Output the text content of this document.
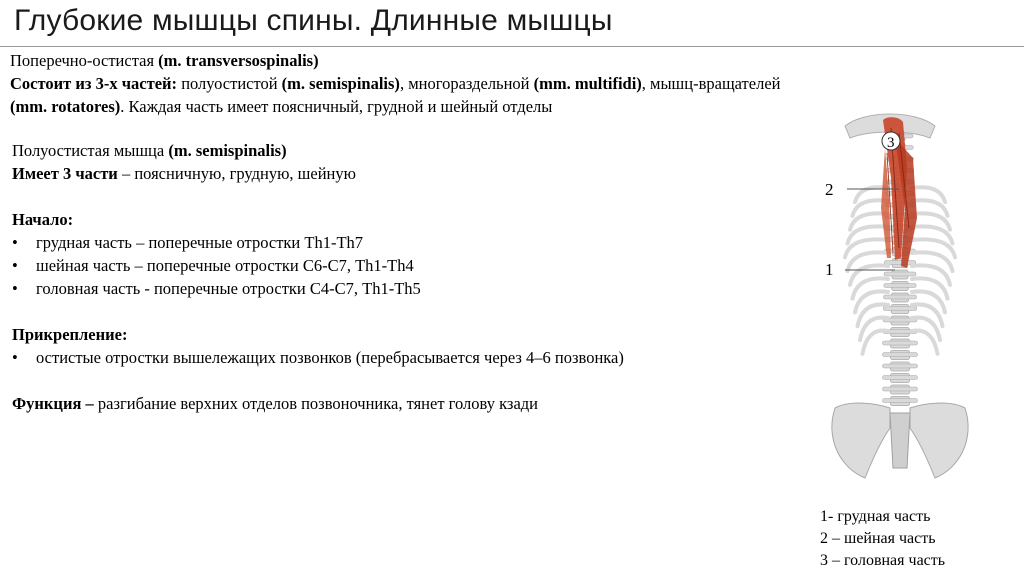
Глубокие мышцы спины. Длинные мышцы
Поперечно-остистая (m. transversospinalis)
Состоит из 3-х частей: полуостистой (m. semispinalis), многораздельной (mm. multifidi), мышц-вращателей
(mm. rotatores). Каждая часть имеет поясничный, грудной и шейный отделы

Полуостистая мышца (m. semispinalis)

Имеет 3 части – поясничную, грудную, шейную

Начало:

• грудная часть – поперечные отростки Th1-Th7

• шейная часть – поперечные отростки С6-С7, Th1-Th4

• головная часть - поперечные отростки С4-С7, Th1-Th5

Прикрепление:

• остистые отростки вышележащих позвонков (перебрасывается через 4–6 позвонка)

Функция – разгибание верхних отделов позвоночника, тянет голову кзади

3
2
1
1- грудная часть
2 – шейная часть
3 – головная часть
